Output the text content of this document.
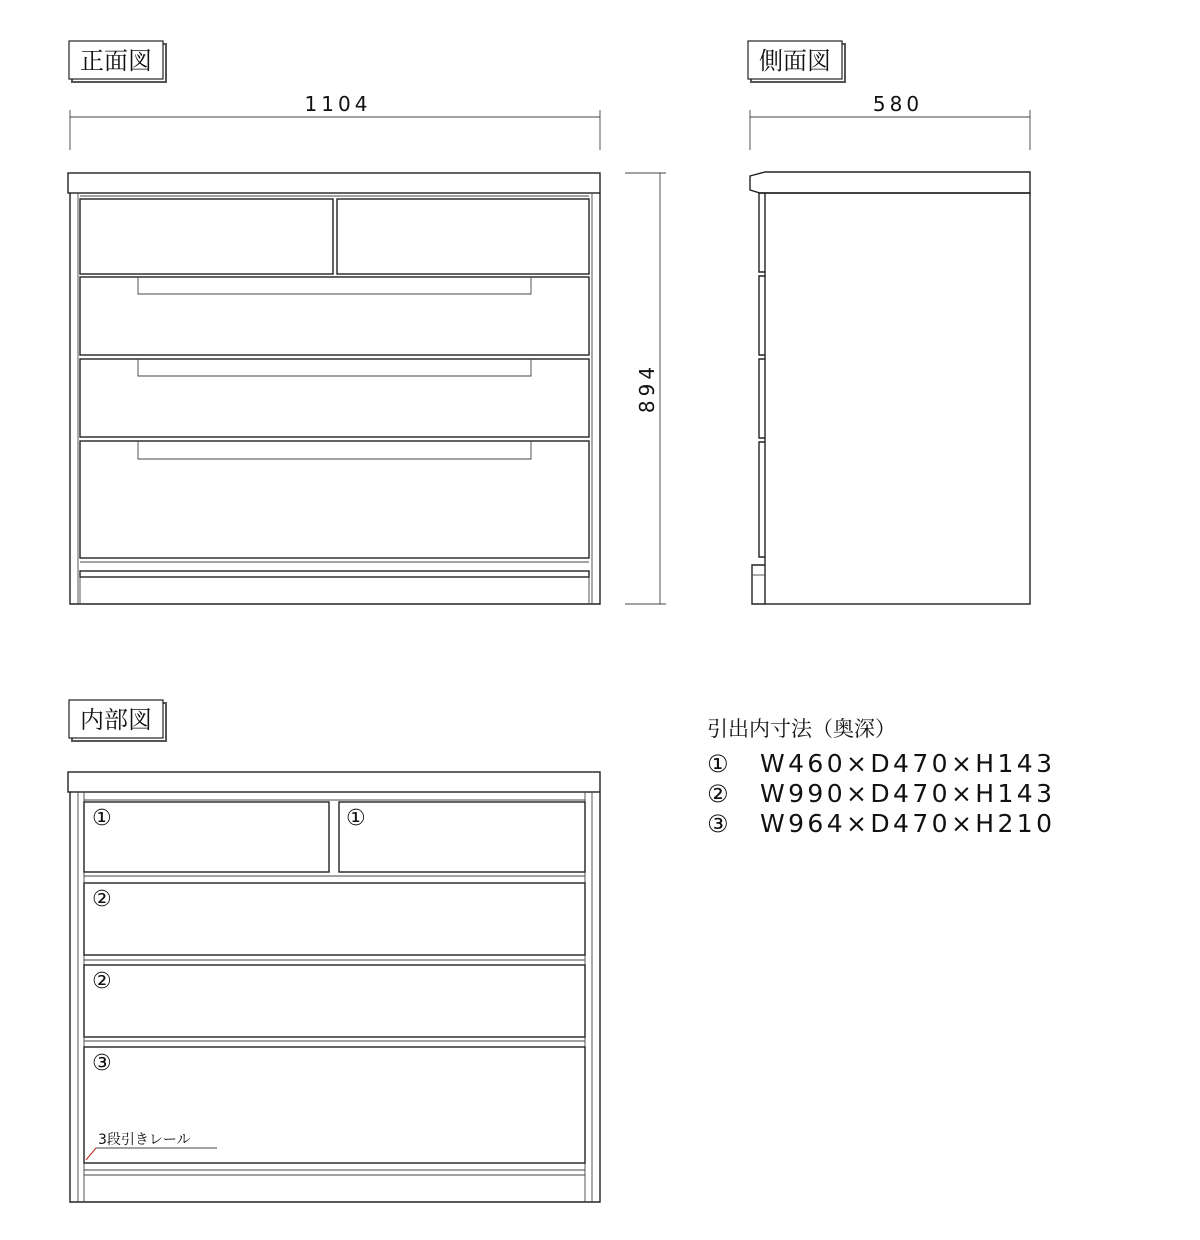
正面図	側面図
内部図
1104	580
894
3段引きレール
①	①
②
②
③
引出内寸法（奥深）
① W460×D470×H143
② W990×D470×H143
③ W964×D470×H210
